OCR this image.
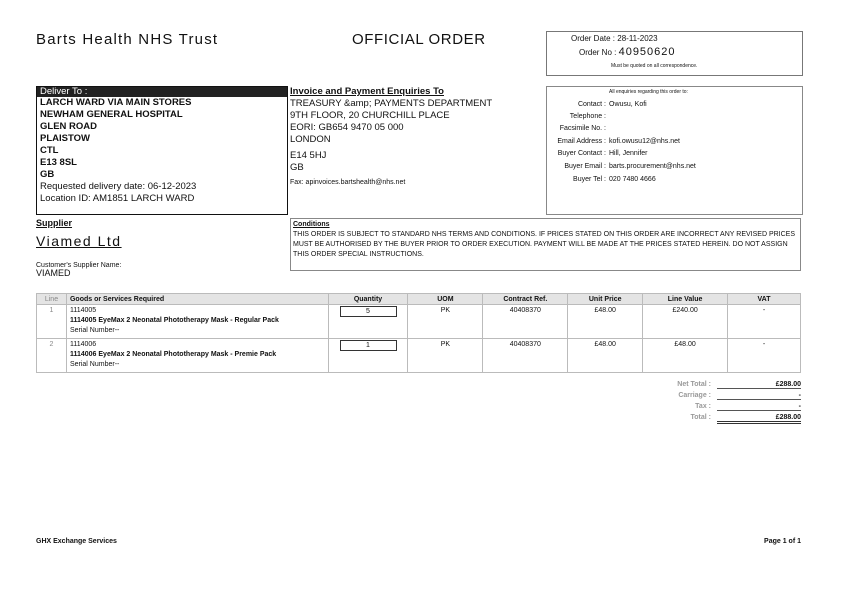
Barts Health NHS Trust	OFFICIAL ORDER	Order Date : 28-11-2023
Order No : 40950620
Must be quoted on all correspondence.
Deliver To :
LARCH WARD VIA MAIN STORES
NEWHAM GENERAL HOSPITAL
GLEN ROAD
PLAISTOW
CTL
E13 8SL
GB
Requested delivery date: 06-12-2023
Location ID: AM1851 LARCH WARD
Invoice and Payment Enquiries To
TREASURY &amp; PAYMENTS DEPARTMENT
9TH FLOOR, 20 CHURCHILL PLACE
EORI: GB654 9470 05 000
LONDON
E14 5HJ
GB
Fax: apinvoices.bartshealth@nhs.net
All enquiries regarding this order to:
Contact : Owusu, Kofi
Telephone :
Facsimile No. :
Email Address : kofi.owusu12@nhs.net
Buyer Contact : Hill, Jennifer
Buyer Email : barts.procurement@nhs.net
Buyer Tel : 020 7480 4666
Supplier
Viamed Ltd
Customer's Supplier Name:
VIAMED
Conditions
THIS ORDER IS SUBJECT TO STANDARD NHS TERMS AND CONDITIONS. IF PRICES STATED ON THIS ORDER ARE INCORRECT ANY REVISED PRICES MUST BE AUTHORISED BY THE BUYER PRIOR TO ORDER EXECUTION. PAYMENT WILL BE MADE AT THE PRICES STATED HEREIN. DO NOT ASSIGN THIS ORDER SPECIAL INSTRUCTIONS.
Line	Goods or Services Required	Quantity	UOM	Contract Ref.	Unit Price	Line Value	VAT
1	1114005
1114005 EyeMax 2 Neonatal Phototherapy Mask - Regular Pack
Serial Number--	5	PK	40408370	£48.00	£240.00	-
2	1114006
1114006 EyeMax 2 Neonatal Phototherapy Mask - Premie Pack
Serial Number--	1	PK	40408370	£48.00	£48.00	-
Net Total :	£288.00
Carriage :	-
Tax :	-
Total :	£288.00
GHX Exchange Services	Page 1 of 1
